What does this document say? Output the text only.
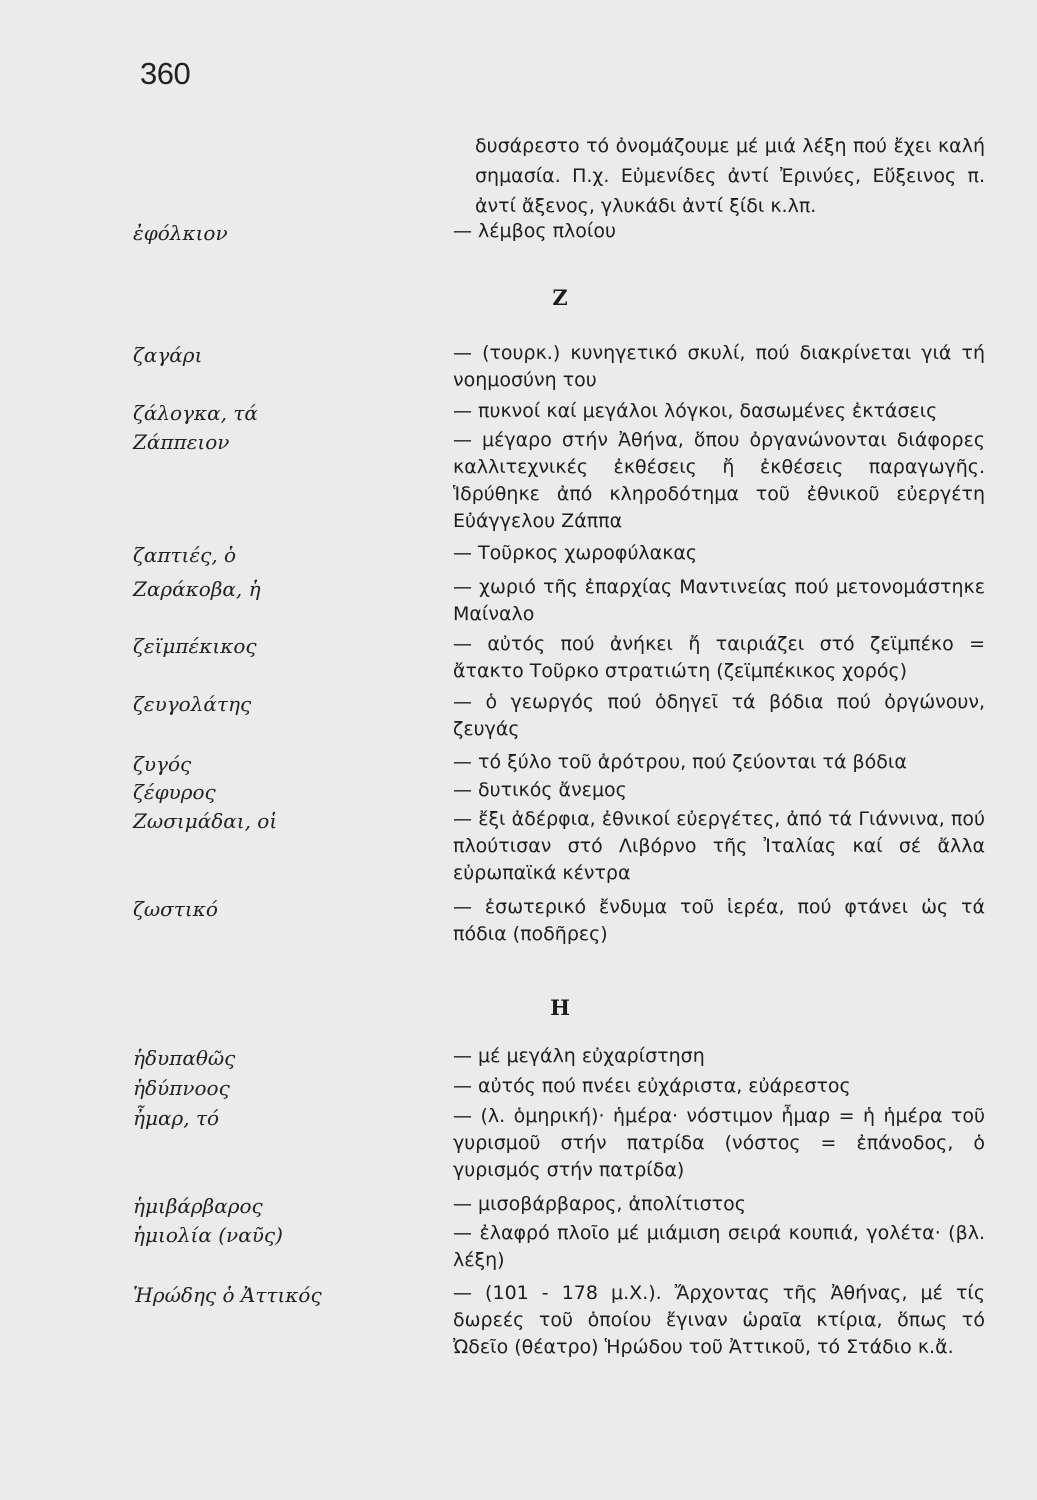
360
δυσάρεστο τό ὀνομάζουμε μέ μιά λέξη πού ἔχει καλή σημασία. Π.χ. Εὐμενίδες ἀντί Ἐρινύες, Εὔξεινος π. ἀντί ἄξενος, γλυκάδι ἀντί ξίδι κ.λπ.
ἐφόλκιον	— λέμβος πλοίου
Ζ
ζαγάρι	— (τουρκ.) κυνηγετικό σκυλί, πού διακρίνεται γιά τή νοημοσύνη του
ζάλογκα, τά	— πυκνοί καί μεγάλοι λόγκοι, δασωμένες ἐκτάσεις
Ζάππειον	— μέγαρο στήν Ἀθήνα, ὅπου ὀργανώνονται διάφορες καλλιτεχνικές ἐκθέσεις ἤ ἐκθέσεις παραγωγῆς. Ἱδρύθηκε ἀπό κληροδότημα τοῦ ἐθνικοῦ εὐεργέτη Εὐάγγελου Ζάππα
ζαπτιές, ὁ	— Τοῦρκος χωροφύλακας
Ζαράκοβα, ἡ	— χωριό τῆς ἐπαρχίας Μαντινείας πού μετονομάστηκε Μαίναλο
ζεϊμπέκικος	— αὐτός πού ἀνήκει ἤ ταιριάζει στό ζεϊμπέκο = ἄτακτο Τοῦρκο στρατιώτη (ζεϊμπέκικος χορός)
ζευγολάτης	— ὁ γεωργός πού ὁδηγεῖ τά βόδια πού ὀργώνουν, ζευγάς
ζυγός	— τό ξύλο τοῦ ἀρότρου, πού ζεύονται τά βόδια
ζέφυρος	— δυτικός ἄνεμος
Ζωσιμάδαι, οἱ	— ἔξι ἀδέρφια, ἐθνικοί εὐεργέτες, ἀπό τά Γιάννινα, πού πλούτισαν στό Λιβόρνο τῆς Ἰταλίας καί σέ ἄλλα εὐρωπαϊκά κέντρα
ζωστικό	— ἐσωτερικό ἔνδυμα τοῦ ἱερέα, πού φτάνει ὡς τά πόδια (ποδῆρες)
Η
ἡδυπαθῶς	— μέ μεγάλη εὐχαρίστηση
ἡδύπνοος	— αὐτός πού πνέει εὐχάριστα, εὐάρεστος
ἦμαρ, τό	— (λ. ὁμηρική)· ἡμέρα· νόστιμον ἦμαρ = ἡ ἡμέρα τοῦ γυρισμοῦ στήν πατρίδα (νόστος = ἐπάνοδος, ὁ γυρισμός στήν πατρίδα)
ἡμιβάρβαρος	— μισοβάρβαρος, ἀπολίτιστος
ἡμιολία (ναῦς)	— ἐλαφρό πλοῖο μέ μιάμιση σειρά κουπιά, γολέτα· (βλ. λέξη)
Ἡρώδης ὁ Ἀττικός	— (101 - 178 μ.Χ.). Ἄρχοντας τῆς Ἀθήνας, μέ τίς δωρεές τοῦ ὁποίου ἔγιναν ὡραῖα κτίρια, ὅπως τό Ὠδεῖο (θέατρο) Ἡρώδου τοῦ Ἀττικοῦ, τό Στάδιο κ.ἄ.
